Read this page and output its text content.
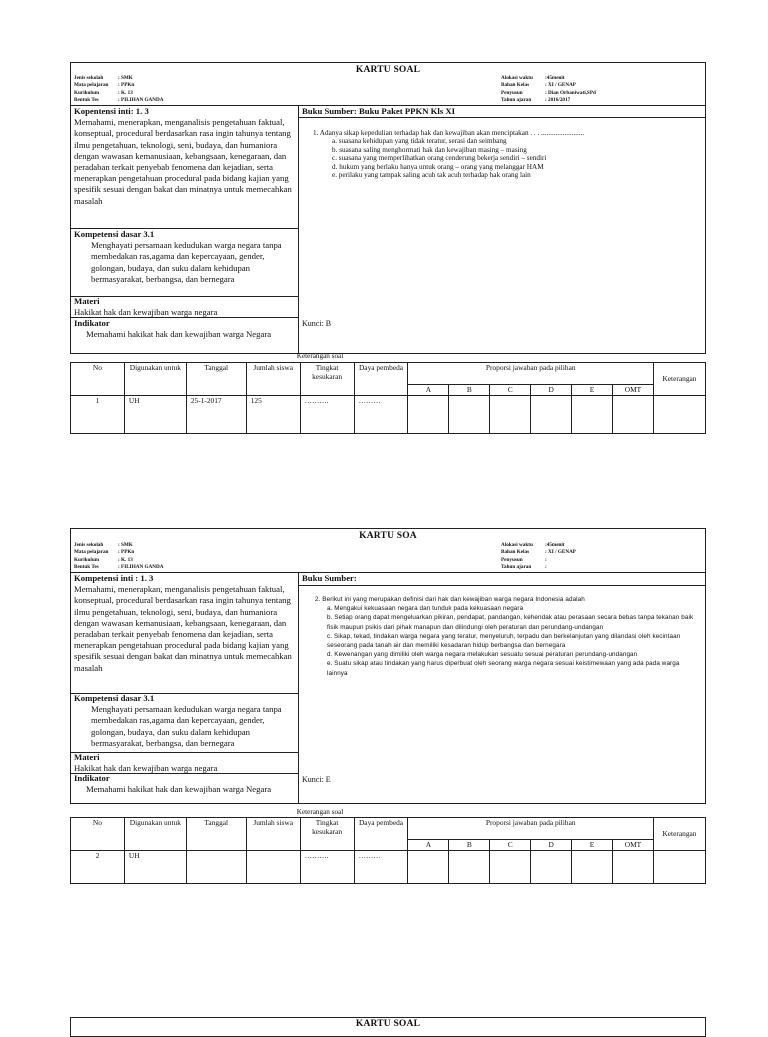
KARTU SOAL
Jenis sekolah	: SMK
Mata pelajaran : PPKn
Kurikulum	: K. 13
Bentuk Tes	: PILIHAN GANDA
Alokasi waktu :45menit
Bahan Kelas	: XI / GENAP
Penyusun	: Dian Orbaniwati,SPd
Tahun ajaran	: 2016/2017
Kopentensi inti: 1. 3
Memahami, menerapkan, menganalisis pengetahuan faktual, konseptual, procedural berdasarkan rasa ingin tahunya tentang ilmu pengetahuan, teknologi, seni, budaya, dan humaniora dengan wawasan kemanusiaan, kebangsaan, kenegaraan, dan peradaban terkait penyebab fenomena dan kejadian, serta menerapkan pengetahuan procedural pada bidang kajian yang spesifik sesuai dengan bakat dan minatnya untuk memecahkan masalah
Kompetensi dasar 3.1
Menghayati persamaan kedudukan warga negara tanpa membedakan ras,agama dan kepercayaan, gender, golongan, budaya, dan suku dalam kehidupan bermasyarakat, berbangsa, dan bernegara
Materi
Hakikat hak dan kewajiban warga negara
Indikator
Memahami hakikat hak dan kewajiban warga Negara
Buku Sumber: Buku Paket PPKN Kls XI
1. Adanya sikap kepedulian terhadap hak dan kewajiban akan menciptakan . . . ........................
a. suasana kehidupan yang tidak teratur, serasi dan seimbang
b. suasana saling menghormati hak dan kewajiban masing – masing
c. suasana yang memperlihatkan orang cenderung bekerja sendiri – sendiri
d. hukum yang berlaku hanya untuk orang – orang yang melanggar HAM
e. perilaku yang tampak saling acuh tak acuh terhadap hak orang lain
Kunci: B
Keterangan soal
No	Digunakan untuk	Tanggal	Jumlah siswa	Tingkat kesukaran	Daya pembeda	Proporsi jawaban pada pilihan						Keterangan
						A	B	C	D	E	OMT	
1	UH	25-1-2017	125	……….	………							
KARTU SOA
Jenis sekolah	: SMK
Mata pelajaran : PPKn
Kurikulum	: K. 13
Bentuk Tes	: FILIHAN GANDA
Alokasi waktu :45menit
Bahan Kelas	: XI / GENAP
Penyusun	:
Tahun ajaran	:
Kompetensi inti : 1. 3
Memahami, menerapkan, menganalisis pengetahuan faktual, konseptual, procedural berdasarkan rasa ingin tahunya tentang ilmu pengetahuan, teknologi, seni, budaya, dan humaniora dengan wawasan kemanusiaan, kebangsaan, kenegaraan, dan peradaban terkait penyebab fenomena dan kejadian, serta menerapkan pengetahuan procedural pada bidang kajian yang spesifik sesuai dengan bakat dan minatnya untuk memecahkan masalah
Kompetensi dasar 3.1
Menghayati persamaan kedudukan warga negara tanpa membedakan ras,agama dan kepercayaan, gender, golongan, budaya, dan suku dalam kehidupan bermasyarakat, berbangsa, dan bernegara
Materi
Hakikat hak dan kewajiban warga negara
Indikator
Memahami hakikat hak dan kewajiban warga Negara
Buku Sumber:
2. Berikut ini yang merupakan definisi dari hak dan kewajiban warga negara Indonesia adalah
a. Mengakui kekuasaan negara dan tunduk pada kekuasaan negara
b. Setiap orang dapat mengeluarkan pikiran, pendapat, pandangan, kehendak atau perasaan secara bebas tanpa tekanan baik fisik maupun psikis dari pihak manapun dan dilindungi oleh peraturan dan perundang-undangan
c. Sikap, tekad, tindakan warga negara yang teratur, menyeluruh, terpadu dan berkelanjutan yang dilandasi oleh kecintaan seseorang pada tanah air dan memiliki kesadaran hidup berbangsa dan bernegara
d. Kewenangan yang dimiliki oleh warga negara melakukan sesuatu sesuai peraturan perundang-undangan
e. Suatu sikap atau tindakan yang harus diperbuat oleh seorang warga negara sesuai keistimewaan yang ada pada warga lainnya
Kunci: E
Keterangan soal
No	Digunakan untuk	Tanggal	Jumlah siswa	Tingkat kesukaran	Daya pembeda	Proporsi jawaban pada pilihan						Keterangan
						A	B	C	D	E	OMT	
2	UH			……….	………							
KARTU SOAL
